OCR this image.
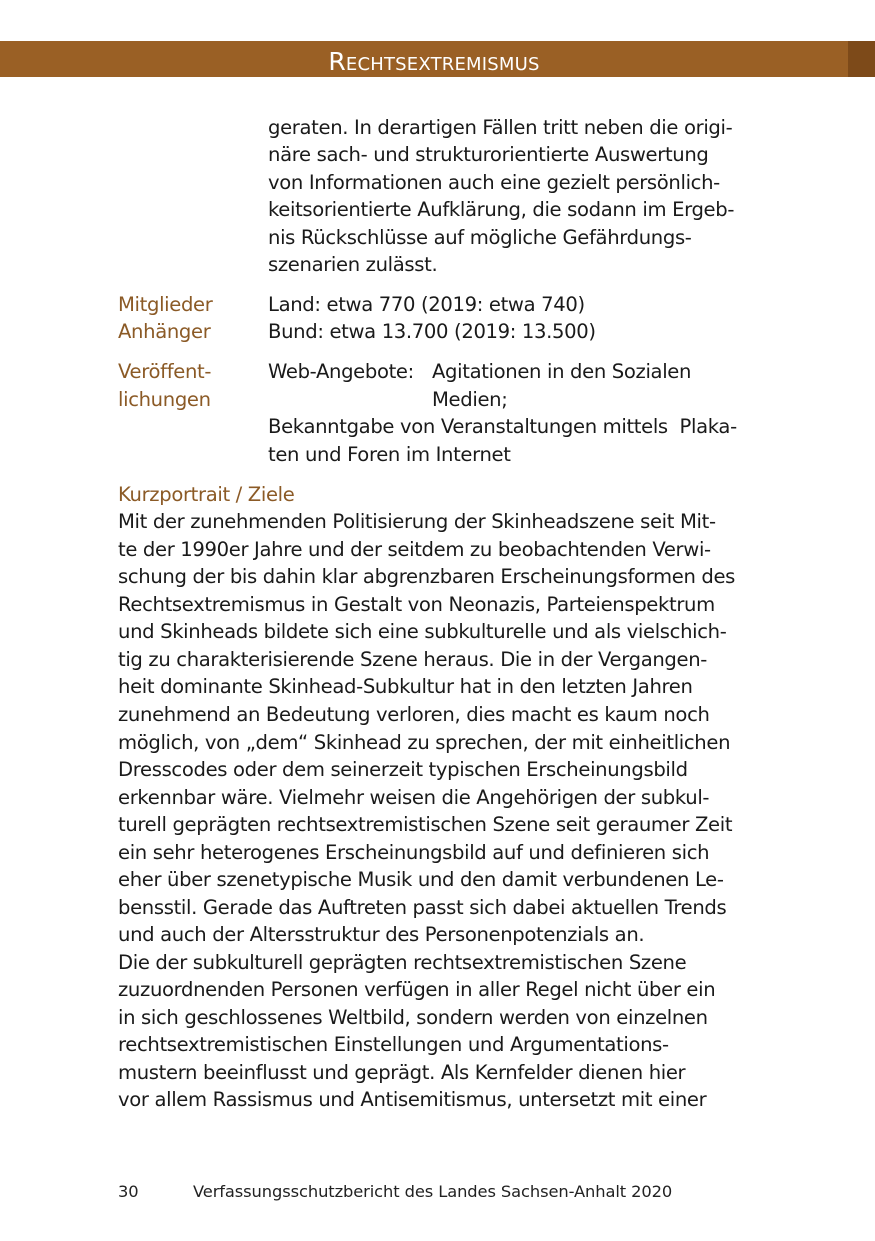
Rechtsextremismus
geraten. In derartigen Fällen tritt neben die origi-
näre sach- und strukturorientierte Auswertung
von Informationen auch eine gezielt persönlich-
keitsorientierte Aufklärung, die sodann im Ergeb-
nis Rückschlüsse auf mögliche Gefährdungs-
szenarien zulässt.
Mitglieder
Anhänger
Land: etwa 770 (2019: etwa 740)
Bund: etwa 13.700 (2019: 13.500)
Veröffent-
lichungen
Web-Angebote: Agitationen in den Sozialen
Medien;
Bekanntgabe von Veranstaltungen mittels  Plaka-
ten und Foren im Internet
Kurzportrait / Ziele
Mit der zunehmenden Politisierung der Skinheadszene seit Mit-
te der 1990er Jahre und der seitdem zu beobachtenden Verwi-
schung der bis dahin klar abgrenzbaren Erscheinungsformen des
Rechtsextremismus in Gestalt von Neonazis, Parteienspektrum
und Skinheads bildete sich eine subkulturelle und als vielschich-
tig zu charakterisierende Szene heraus. Die in der Vergangen-
heit dominante Skinhead-Subkultur hat in den letzten Jahren
zunehmend an Bedeutung verloren, dies macht es kaum noch
möglich, von „dem“ Skinhead zu sprechen, der mit einheitlichen
Dresscodes oder dem seinerzeit typischen Erscheinungsbild
erkennbar wäre. Vielmehr weisen die Angehörigen der subkul-
turell geprägten rechtsextremistischen Szene seit geraumer Zeit
ein sehr heterogenes Erscheinungsbild auf und definieren sich
eher über szenetypische Musik und den damit verbundenen Le-
bensstil. Gerade das Auftreten passt sich dabei aktuellen Trends
und auch der Altersstruktur des Personenpotenzials an.
Die der subkulturell geprägten rechtsextremistischen Szene
zuzuordnenden Personen verfügen in aller Regel nicht über ein
in sich geschlossenes Weltbild, sondern werden von einzelnen
rechtsextremistischen Einstellungen und Argumentations-
mustern beeinflusst und geprägt. Als Kernfelder dienen hier
vor allem Rassismus und Antisemitismus, untersetzt mit einer
30	Verfassungsschutzbericht des Landes Sachsen-Anhalt 2020
